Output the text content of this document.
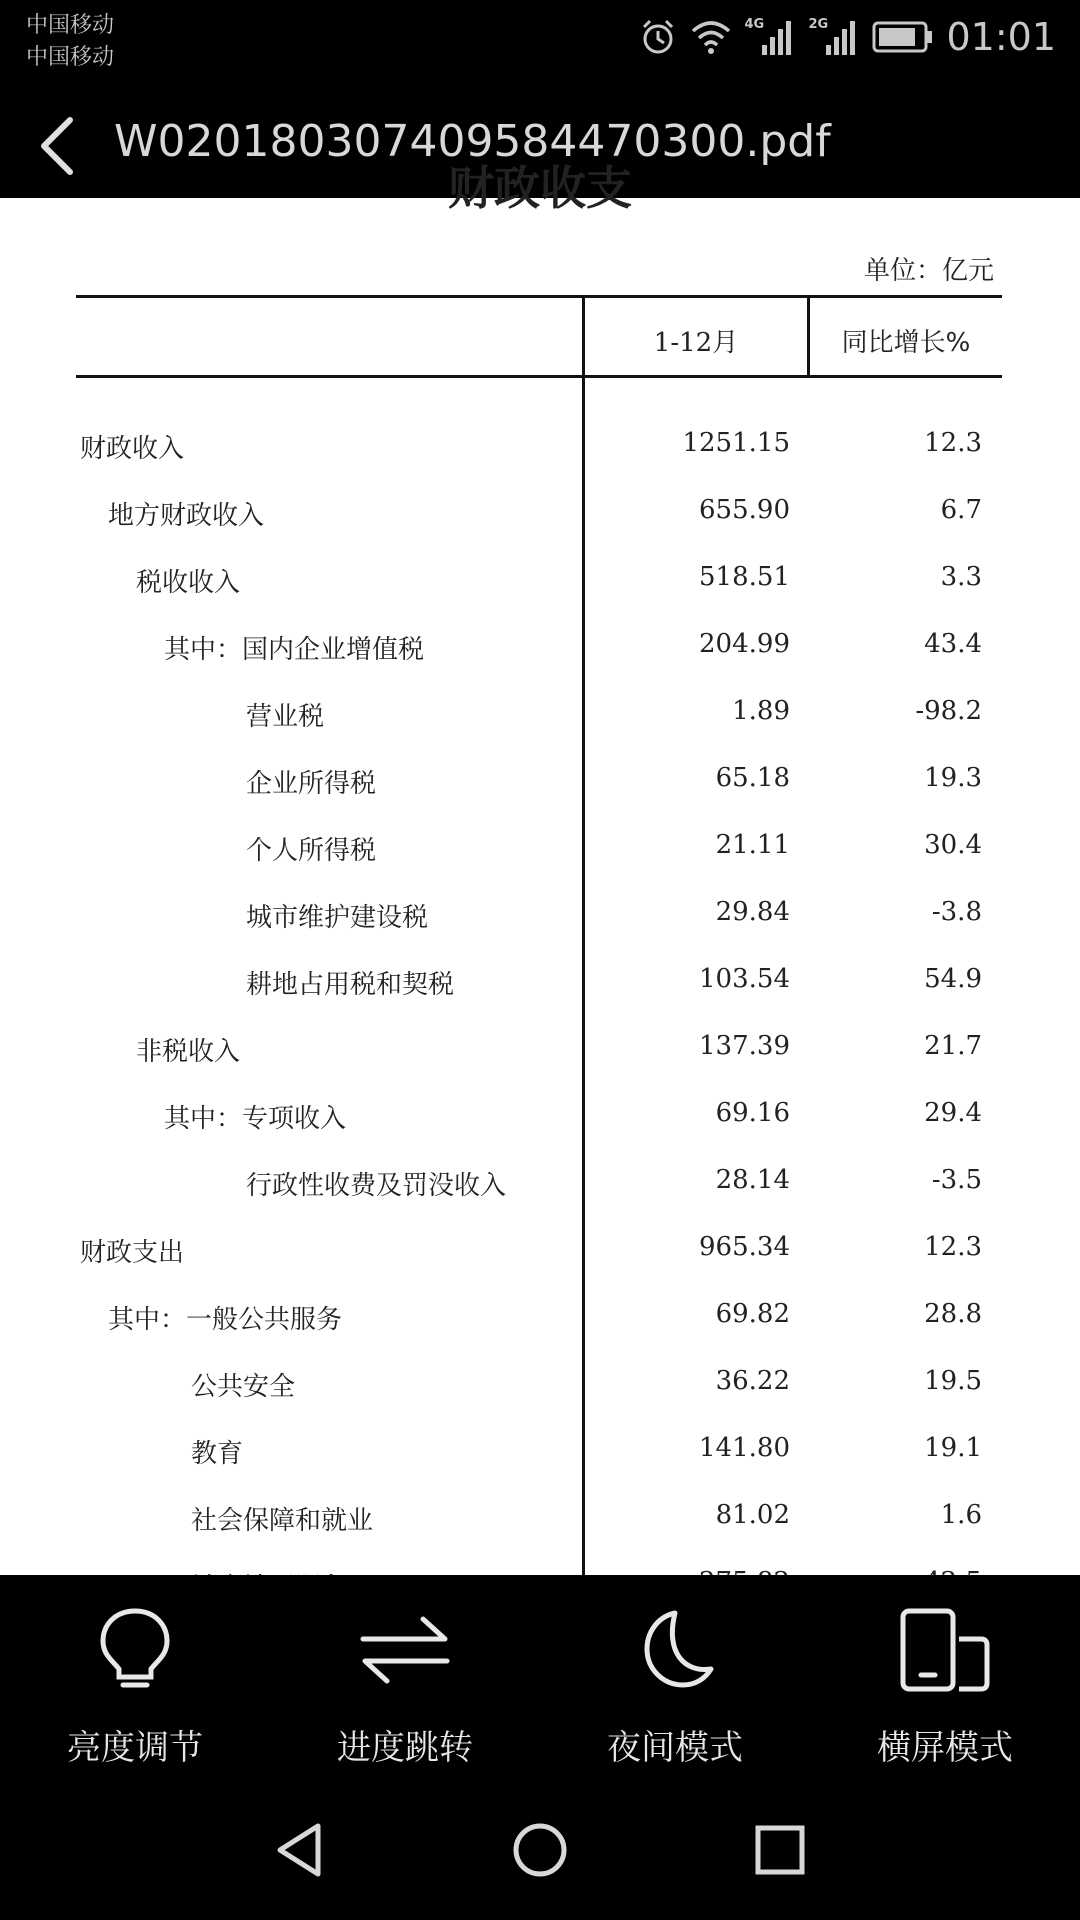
中国移动
中国移动
4G	2G	01:01
W020180307409584470300.pdf
财政收支
单位：亿元
1-12月	同比增长%
财政收入	1251.15	12.3
地方财政收入	655.90	6.7
税收收入	518.51	3.3
其中：国内企业增值税	204.99	43.4
营业税	1.89	-98.2
企业所得税	65.18	19.3
个人所得税	21.11	30.4
城市维护建设税	29.84	-3.8
耕地占用税和契税	103.54	54.9
非税收入	137.39	21.7
其中：专项收入	69.16	29.4
行政性收费及罚没收入	28.14	-3.5
财政支出	965.34	12.3
其中：一般公共服务	69.82	28.8
公共安全	36.22	19.5
教育	141.80	19.1
社会保障和就业	81.02	1.6
亮度调节	进度跳转	夜间模式	横屏模式
